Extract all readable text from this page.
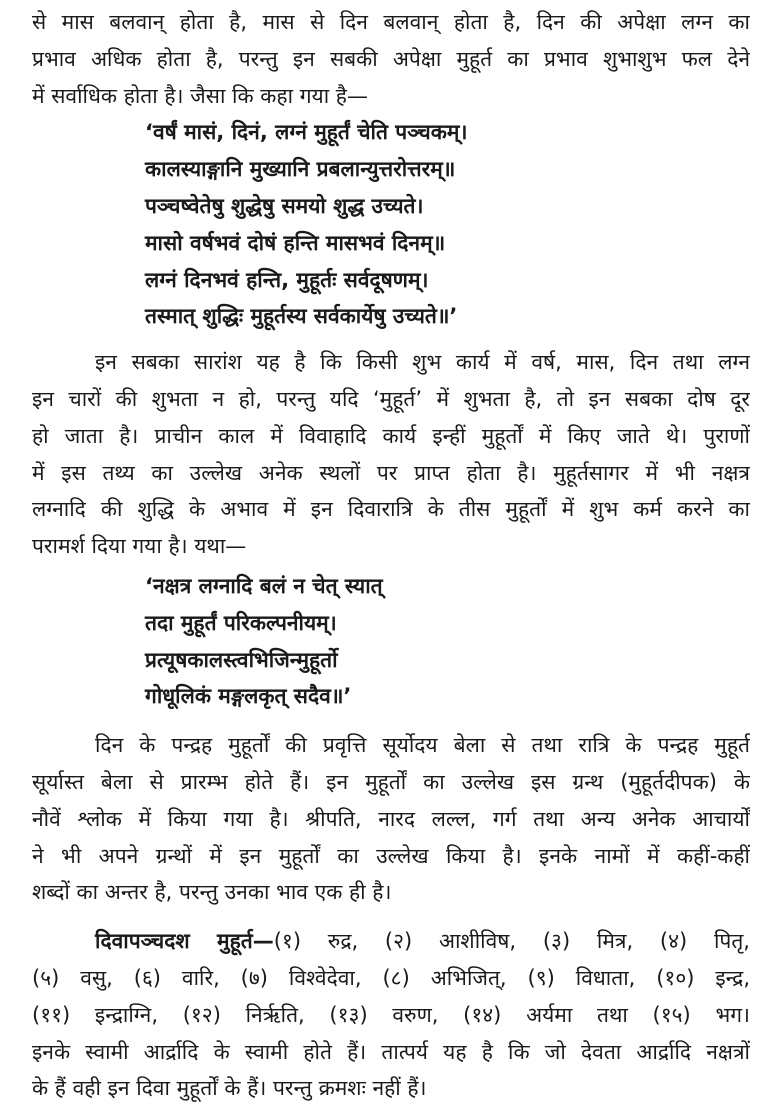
से मास बलवान् होता है, मास से दिन बलवान् होता है, दिन की अपेक्षा लग्न का
प्रभाव अधिक होता है, परन्तु इन सबकी अपेक्षा मुहूर्त का प्रभाव शुभाशुभ फल देने
में सर्वाधिक होता है। जैसा कि कहा गया है—
‘वर्षं मासं, दिनं, लग्नं मुहूर्तं चेति पञ्चकम्।
कालस्याङ्गानि मुख्यानि प्रबलान्युत्तरोत्तरम्॥
पञ्चष्वेतेषु शुद्धेषु समयो शुद्ध उच्यते।
मासो वर्षभवं दोषं हन्ति मासभवं दिनम्॥
लग्नं दिनभवं हन्ति, मुहूर्तः सर्वदूषणम्।
तस्मात् शुद्धिः मुहूर्तस्य सर्वकार्येषु उच्यते॥’
इन सबका सारांश यह है कि किसी शुभ कार्य में वर्ष, मास, दिन तथा लग्न
इन चारों की शुभता न हो, परन्तु यदि ‘मुहूर्त’ में शुभता है, तो इन सबका दोष दूर
हो जाता है। प्राचीन काल में विवाहादि कार्य इन्हीं मुहूर्तों में किए जाते थे। पुराणों
में इस तथ्य का उल्लेख अनेक स्थलों पर प्राप्त होता है। मुहूर्तसागर में भी नक्षत्र
लग्नादि की शुद्धि के अभाव में इन दिवारात्रि के तीस मुहूर्तों में शुभ कर्म करने का
परामर्श दिया गया है। यथा—
‘नक्षत्र लग्नादि बलं न चेत् स्यात्
तदा मुहूर्तं परिकल्पनीयम्।
प्रत्यूषकालस्त्वभिजिन्मुहूर्तो
गोधूलिकं मङ्गलकृत् सदैव॥’
दिन के पन्द्रह मुहूर्तों की प्रवृत्ति सूर्योदय बेला से तथा रात्रि के पन्द्रह मुहूर्त
सूर्यास्त बेला से प्रारम्भ होते हैं। इन मुहूर्तों का उल्लेख इस ग्रन्थ (मुहूर्तदीपक) के
नौवें श्लोक में किया गया है। श्रीपति, नारद लल्ल, गर्ग तथा अन्य अनेक आचार्यों
ने भी अपने ग्रन्थों में इन मुहूर्तों का उल्लेख किया है। इनके नामों में कहीं-कहीं
शब्दों का अन्तर है, परन्तु उनका भाव एक ही है।
दिवापञ्चदश मुहूर्त—(१) रुद्र, (२) आशीविष, (३) मित्र, (४) पितृ,
(५) वसु, (६) वारि, (७) विश्वेदेवा, (८) अभिजित्, (९) विधाता, (१०) इन्द्र,
(११) इन्द्राग्नि, (१२) निऋृति, (१३) वरुण, (१४) अर्यमा तथा (१५) भग।
इनके स्वामी आर्द्रादि के स्वामी होते हैं। तात्पर्य यह है कि जो देवता आर्द्रादि नक्षत्रों
के हैं वही इन दिवा मुहूर्तों के हैं। परन्तु क्रमशः नहीं हैं।
